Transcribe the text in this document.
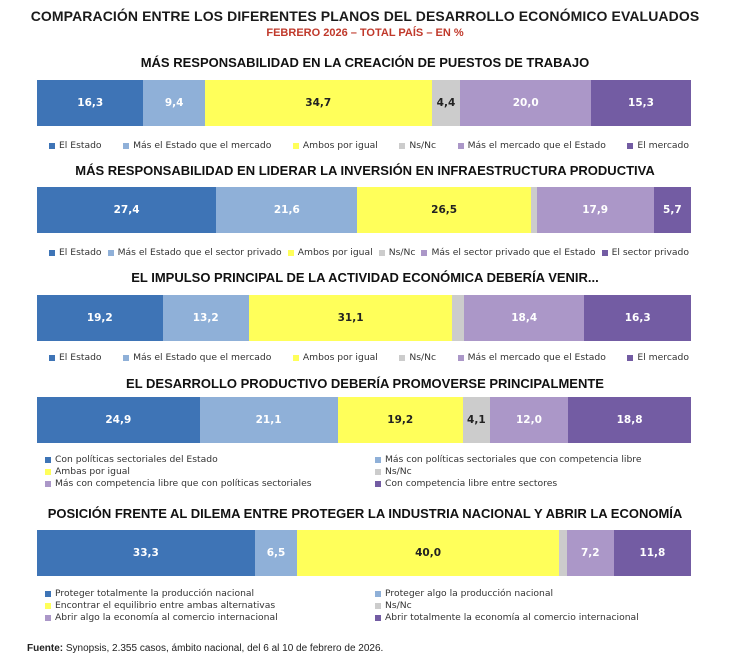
COMPARACIÓN ENTRE LOS DIFERENTES PLANOS DEL DESARROLLO ECONÓMICO EVALUADOS
FEBRERO 2026 – TOTAL PAÍS – EN %
MÁS RESPONSABILIDAD EN LA CREACIÓN DE PUESTOS DE TRABAJO
16,3	9,4	34,7	4,4	20,0	15,3
El Estado	Más el Estado que el mercado	Ambos por igual	Ns/Nc	Más el mercado que el Estado	El mercado
MÁS RESPONSABILIDAD EN LIDERAR LA INVERSIÓN EN INFRAESTRUCTURA PRODUCTIVA
27,4	21,6	26,5	17,9	5,7
El Estado Más el Estado que el sector privado Ambos por igual Ns/Nc Más el sector privado que el Estado El sector privado
EL IMPULSO PRINCIPAL DE LA ACTIVIDAD ECONÓMICA DEBERÍA VENIR...
19,2	13,2	31,1	18,4	16,3
El Estado	Más el Estado que el mercado	Ambos por igual	Ns/Nc	Más el mercado que el Estado	El mercado
EL DESARROLLO PRODUCTIVO DEBERÍA PROMOVERSE PRINCIPALMENTE
24,9	21,1	19,2	4,1	12,0	18,8
Con políticas sectoriales del Estado	Más con políticas sectoriales que con competencia libre
Ambas por igual	Ns/Nc
Más con competencia libre que con políticas sectoriales	Con competencia libre entre sectores
POSICIÓN FRENTE AL DILEMA ENTRE PROTEGER LA INDUSTRIA NACIONAL Y ABRIR LA ECONOMÍA
33,3	6,5	40,0	7,2	11,8
Proteger totalmente la producción nacional	Proteger algo la producción nacional
Encontrar el equilibrio entre ambas alternativas	Ns/Nc
Abrir algo la economía al comercio internacional	Abrir totalmente la economía al comercio internacional
Fuente: Synopsis, 2.355 casos, ámbito nacional, del 6 al 10 de febrero de 2026.
